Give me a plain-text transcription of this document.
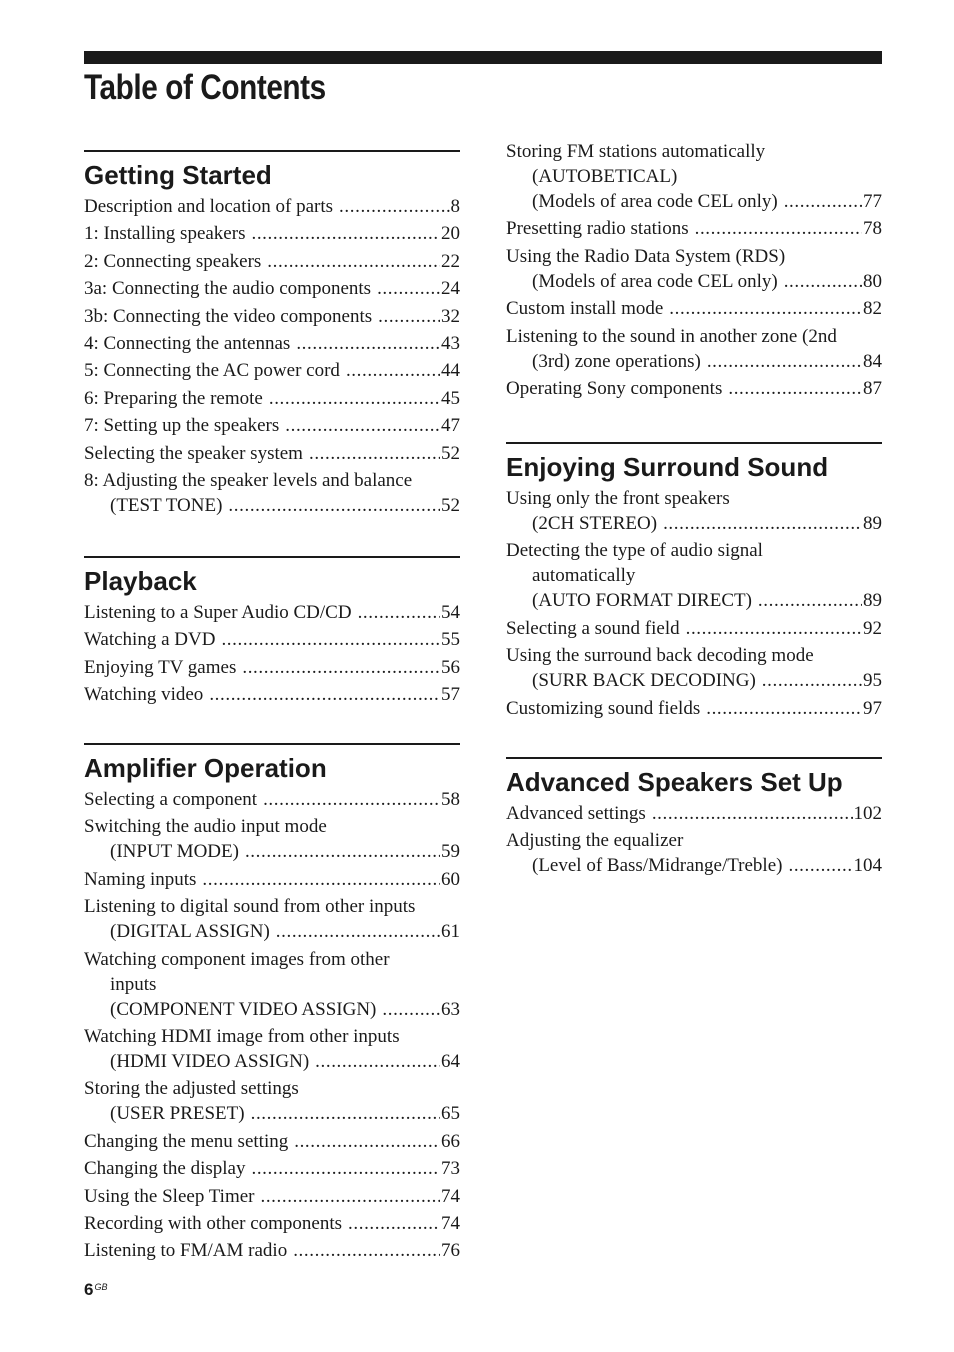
Table of Contents
Getting Started
Description and location of parts .....	8
1: Installing speakers .....	20
2: Connecting speakers .....	22
3a: Connecting the audio components .....	24
3b: Connecting the video components .....	32
4: Connecting the antennas .....	43
5: Connecting the AC power cord .....	44
6: Preparing the remote .....	45
7: Setting up the speakers .....	47
Selecting the speaker system .....	52
8: Adjusting the speaker levels and balance
(TEST TONE) .....	52
Playback
Listening to a Super Audio CD/CD .....	54
Watching a DVD .....	55
Enjoying TV games .....	56
Watching video .....	57
Amplifier Operation
Selecting a component .....	58
Switching the audio input mode
(INPUT MODE) .....	59
Naming inputs .....	60
Listening to digital sound from other inputs
(DIGITAL ASSIGN) .....	61
Watching component images from other
inputs
(COMPONENT VIDEO ASSIGN) .....	63
Watching HDMI image from other inputs
(HDMI VIDEO ASSIGN) .....	64
Storing the adjusted settings
(USER PRESET) .....	65
Changing the menu setting .....	66
Changing the display .....	73
Using the Sleep Timer .....	74
Recording with other components .....	74
Listening to FM/AM radio .....	76
Storing FM stations automatically
(AUTOBETICAL)
(Models of area code CEL only) .....	77
Presetting radio stations .....	78
Using the Radio Data System (RDS)
(Models of area code CEL only) .....	80
Custom install mode .....	82
Listening to the sound in another zone (2nd
(3rd) zone operations) .....	84
Operating Sony components .....	87
Enjoying Surround Sound
Using only the front speakers
(2CH STEREO) .....	89
Detecting the type of audio signal
automatically
(AUTO FORMAT DIRECT) .....	89
Selecting a sound field .....	92
Using the surround back decoding mode
(SURR BACK DECODING) .....	95
Customizing sound fields .....	97
Advanced Speakers Set Up
Advanced settings .....	102
Adjusting the equalizer
(Level of Bass/Midrange/Treble) .....	104
$6^{GB}$
